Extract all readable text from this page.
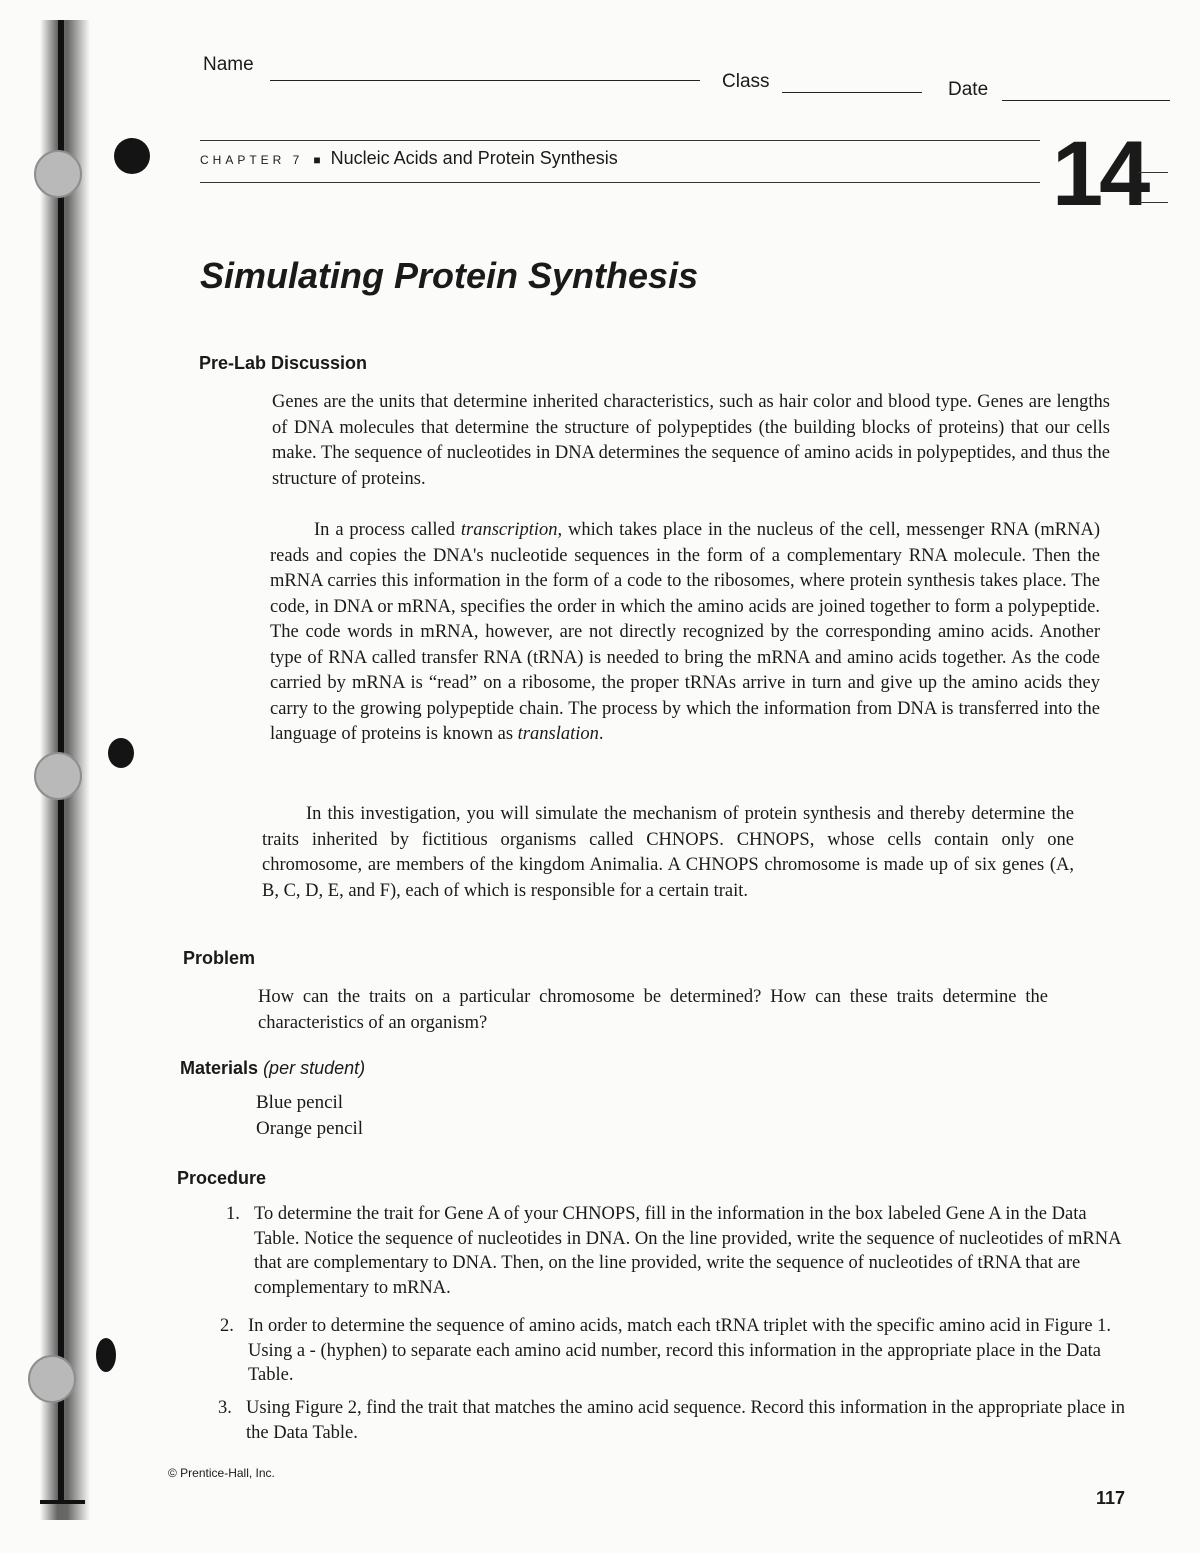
Name
Class	Date
CHAPTER 7 ■ Nucleic Acids and Protein Synthesis	14
Simulating Protein Synthesis
Pre-Lab Discussion

Genes are the units that determine inherited characteristics, such as hair color and blood type. Genes are lengths of DNA molecules that determine the structure of polypeptides (the building blocks of proteins) that our cells make. The sequence of nucleotides in DNA determines the sequence of amino acids in polypeptides, and thus the structure of proteins.

In a process called transcription, which takes place in the nucleus of the cell, messenger RNA (mRNA) reads and copies the DNA's nucleotide sequences in the form of a complementary RNA molecule. Then the mRNA carries this information in the form of a code to the ribosomes, where protein synthesis takes place. The code, in DNA or mRNA, specifies the order in which the amino acids are joined together to form a polypeptide. The code words in mRNA, however, are not directly recognized by the corresponding amino acids. Another type of RNA called transfer RNA (tRNA) is needed to bring the mRNA and amino acids together. As the code carried by mRNA is “read” on a ribosome, the proper tRNAs arrive in turn and give up the amino acids they carry to the growing polypeptide chain. The process by which the information from DNA is transferred into the language of proteins is known as translation.

In this investigation, you will simulate the mechanism of protein synthesis and thereby determine the traits inherited by fictitious organisms called CHNOPS. CHNOPS, whose cells contain only one chromosome, are members of the kingdom Animalia. A CHNOPS chromosome is made up of six genes (A, B, C, D, E, and F), each of which is responsible for a certain trait.

Problem

How can the traits on a particular chromosome be determined? How can these traits determine the characteristics of an organism?

Materials (per student)
Blue pencil
Orange pencil
Procedure
1. To determine the trait for Gene A of your CHNOPS, fill in the information in the box labeled Gene A in the Data Table. Notice the sequence of nucleotides in DNA. On the line provided, write the sequence of nucleotides of mRNA that are complementary to DNA. Then, on the line provided, write the sequence of nucleotides of tRNA that are complementary to mRNA.
2. In order to determine the sequence of amino acids, match each tRNA triplet with the specific amino acid in Figure 1. Using a - (hyphen) to separate each amino acid number, record this information in the appropriate place in the Data Table.
3. Using Figure 2, find the trait that matches the amino acid sequence. Record this information in the appropriate place in the Data Table.
© Prentice-Hall, Inc.
117
